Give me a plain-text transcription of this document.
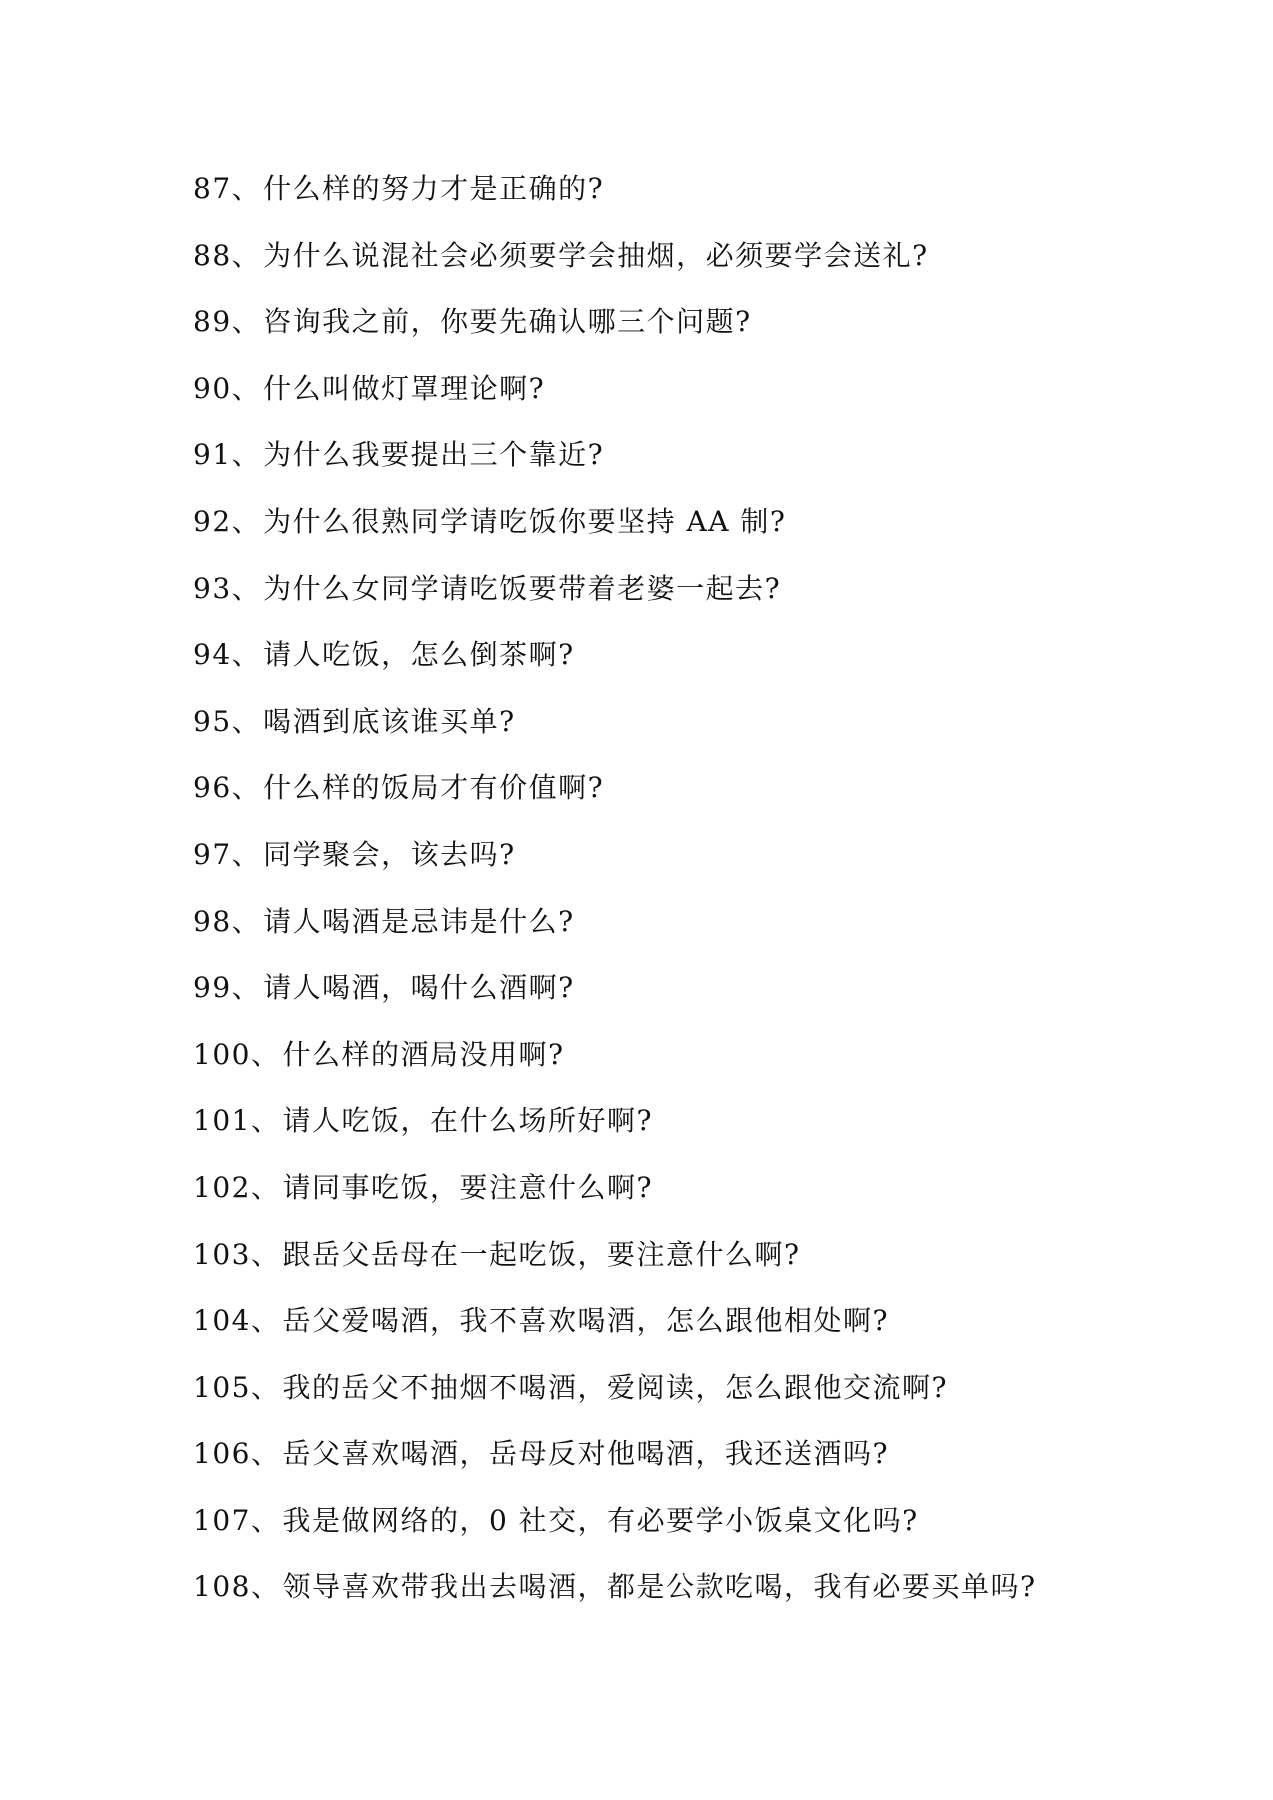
87、什么样的努力才是正确的?
88、为什么说混社会必须要学会抽烟，必须要学会送礼?
89、咨询我之前，你要先确认哪三个问题?
90、什么叫做灯罩理论啊?
91、为什么我要提出三个靠近?
92、为什么很熟同学请吃饭你要坚持 AA 制?
93、为什么女同学请吃饭要带着老婆一起去?
94、请人吃饭，怎么倒茶啊?
95、喝酒到底该谁买单?
96、什么样的饭局才有价值啊?
97、同学聚会，该去吗?
98、请人喝酒是忌讳是什么?
99、请人喝酒，喝什么酒啊?
100、什么样的酒局没用啊?
101、请人吃饭，在什么场所好啊?
102、请同事吃饭，要注意什么啊?
103、跟岳父岳母在一起吃饭，要注意什么啊?
104、岳父爱喝酒，我不喜欢喝酒，怎么跟他相处啊?
105、我的岳父不抽烟不喝酒，爱阅读，怎么跟他交流啊?
106、岳父喜欢喝酒，岳母反对他喝酒，我还送酒吗?
107、我是做网络的，0 社交，有必要学小饭桌文化吗?
108、领导喜欢带我出去喝酒，都是公款吃喝，我有必要买单吗?
